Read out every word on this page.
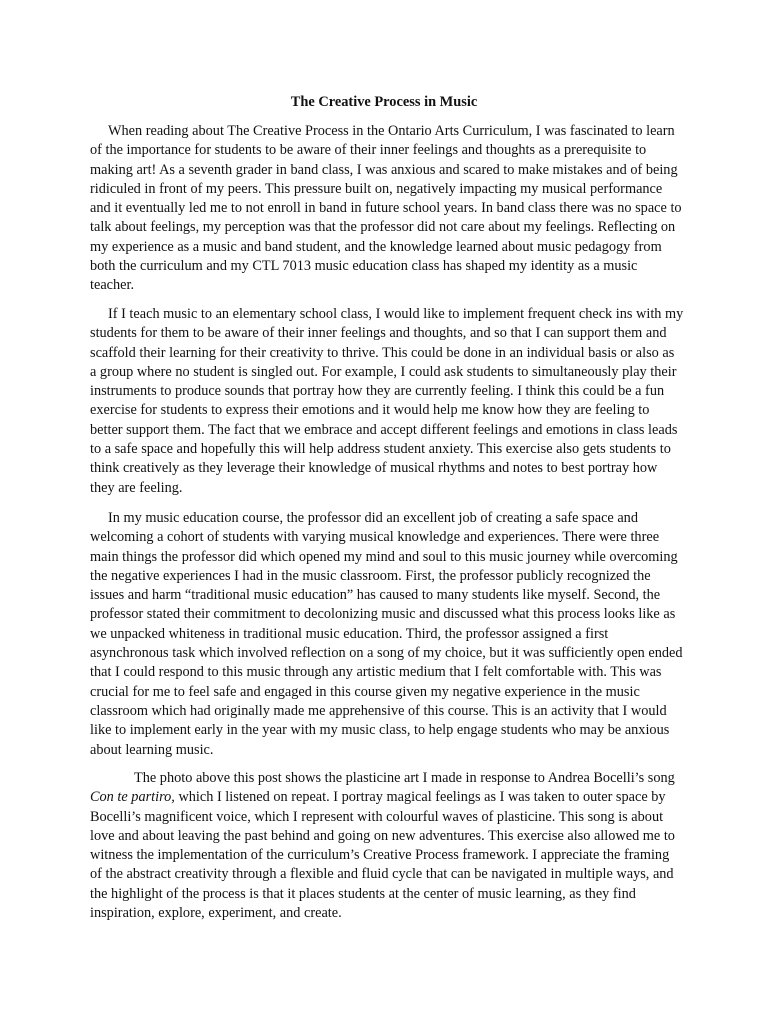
The Creative Process in Music

When reading about The Creative Process in the Ontario Arts Curriculum, I was fascinated to learn of the importance for students to be aware of their inner feelings and thoughts as a prerequisite to making art! As a seventh grader in band class, I was anxious and scared to make mistakes and of being ridiculed in front of my peers. This pressure built on, negatively impacting my musical performance and it eventually led me to not enroll in band in future school years. In band class there was no space to talk about feelings, my perception was that the professor did not care about my feelings. Reflecting on my experience as a music and band student, and the knowledge learned about music pedagogy from both the curriculum and my CTL 7013 music education class has shaped my identity as a music teacher.

If I teach music to an elementary school class, I would like to implement frequent check ins with my students for them to be aware of their inner feelings and thoughts, and so that I can support them and scaffold their learning for their creativity to thrive. This could be done in an individual basis or also as a group where no student is singled out. For example, I could ask students to simultaneously play their instruments to produce sounds that portray how they are currently feeling. I think this could be a fun exercise for students to express their emotions and it would help me know how they are feeling to better support them. The fact that we embrace and accept different feelings and emotions in class leads to a safe space and hopefully this will help address student anxiety. This exercise also gets students to think creatively as they leverage their knowledge of musical rhythms and notes to best portray how they are feeling.

In my music education course, the professor did an excellent job of creating a safe space and welcoming a cohort of students with varying musical knowledge and experiences. There were three main things the professor did which opened my mind and soul to this music journey while overcoming the negative experiences I had in the music classroom. First, the professor publicly recognized the issues and harm “traditional music education” has caused to many students like myself. Second, the professor stated their commitment to decolonizing music and discussed what this process looks like as we unpacked whiteness in traditional music education. Third, the professor assigned a first asynchronous task which involved reflection on a song of my choice, but it was sufficiently open ended that I could respond to this music through any artistic medium that I felt comfortable with. This was crucial for me to feel safe and engaged in this course given my negative experience in the music classroom which had originally made me apprehensive of this course. This is an activity that I would like to implement early in the year with my music class, to help engage students who may be anxious about learning music.

The photo above this post shows the plasticine art I made in response to Andrea Bocelli’s song Con te partiro, which I listened on repeat. I portray magical feelings as I was taken to outer space by Bocelli’s magnificent voice, which I represent with colourful waves of plasticine. This song is about love and about leaving the past behind and going on new adventures. This exercise also allowed me to witness the implementation of the curriculum’s Creative Process framework. I appreciate the framing of the abstract creativity through a flexible and fluid cycle that can be navigated in multiple ways, and the highlight of the process is that it places students at the center of music learning, as they find inspiration, explore, experiment, and create.
